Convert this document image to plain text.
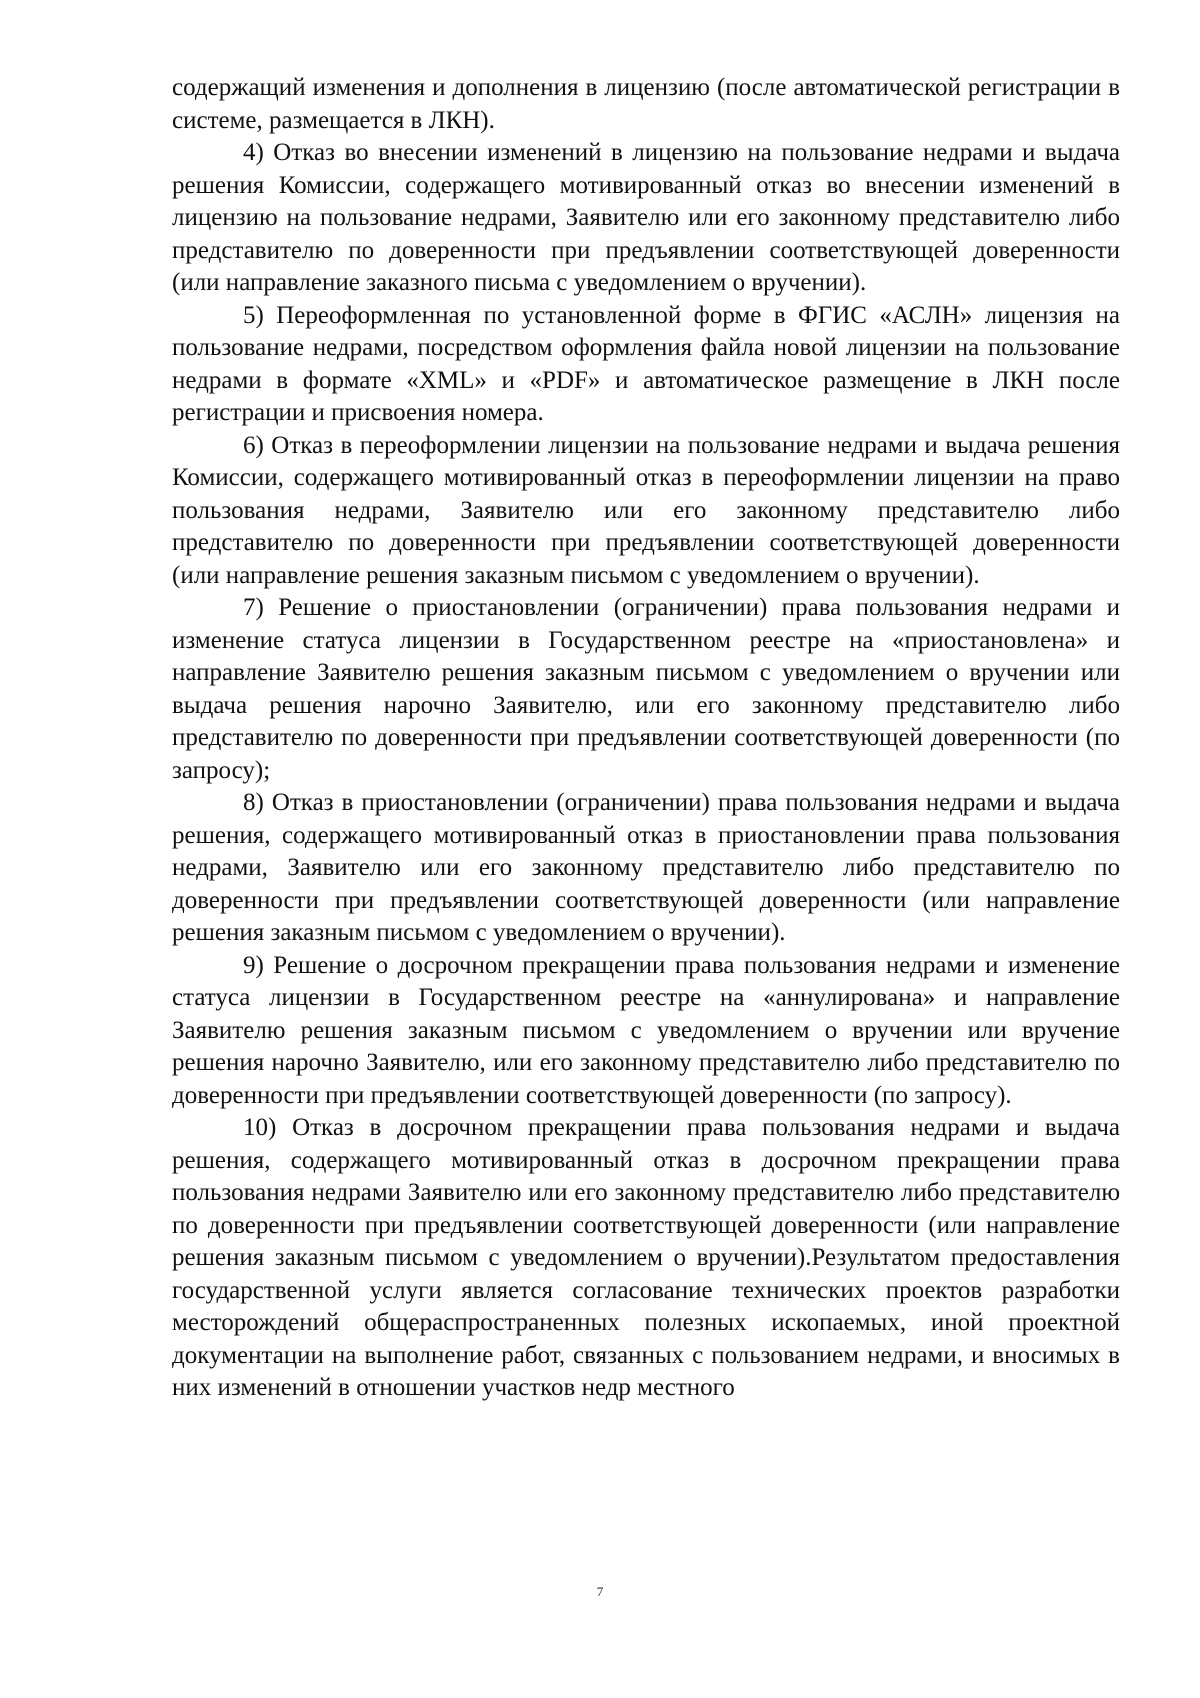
содержащий изменения и дополнения в лицензию (после автоматической регистрации в системе, размещается в ЛКН).

4) Отказ во внесении изменений в лицензию на пользование недрами и выдача решения Комиссии, содержащего мотивированный отказ во внесении изменений в лицензию на пользование недрами, Заявителю или его законному представителю либо представителю по доверенности при предъявлении соответствующей доверенности (или направление заказного письма с уведомлением о вручении).

5) Переоформленная по установленной форме в ФГИС «АСЛН» лицензия на пользование недрами, посредством оформления файла новой лицензии на пользование недрами в формате «XML» и «PDF» и автоматическое размещение в ЛКН после регистрации и присвоения номера.

6) Отказ в переоформлении лицензии на пользование недрами и выдача решения Комиссии, содержащего мотивированный отказ в переоформлении лицензии на право пользования недрами, Заявителю или его законному представителю либо представителю по доверенности при предъявлении соответствующей доверенности (или направление решения заказным письмом с уведомлением о вручении).

7) Решение о приостановлении (ограничении) права пользования недрами и изменение статуса лицензии в Государственном реестре на «приостановлена» и направление Заявителю решения заказным письмом с уведомлением о вручении или выдача решения нарочно Заявителю, или его законному представителю либо представителю по доверенности при предъявлении соответствующей доверенности (по запросу);

8) Отказ в приостановлении (ограничении) права пользования недрами и выдача решения, содержащего мотивированный отказ в приостановлении права пользования недрами, Заявителю или его законному представителю либо представителю по доверенности при предъявлении соответствующей доверенности (или направление решения заказным письмом с уведомлением о вручении).

9) Решение о досрочном прекращении права пользования недрами и изменение статуса лицензии в Государственном реестре на «аннулирована» и направление Заявителю решения заказным письмом с уведомлением о вручении или вручение решения нарочно Заявителю, или его законному представителю либо представителю по доверенности при предъявлении соответствующей доверенности (по запросу).

10) Отказ в досрочном прекращении права пользования недрами и выдача решения, содержащего мотивированный отказ в досрочном прекращении права пользования недрами Заявителю или его законному представителю либо представителю по доверенности при предъявлении соответствующей доверенности (или направление решения заказным письмом с уведомлением о вручении).Результатом предоставления государственной услуги является согласование технических проектов разработки месторождений общераспространенных полезных ископаемых, иной проектной документации на выполнение работ, связанных с пользованием недрами, и вносимых в них изменений в отношении участков недр местного

7
